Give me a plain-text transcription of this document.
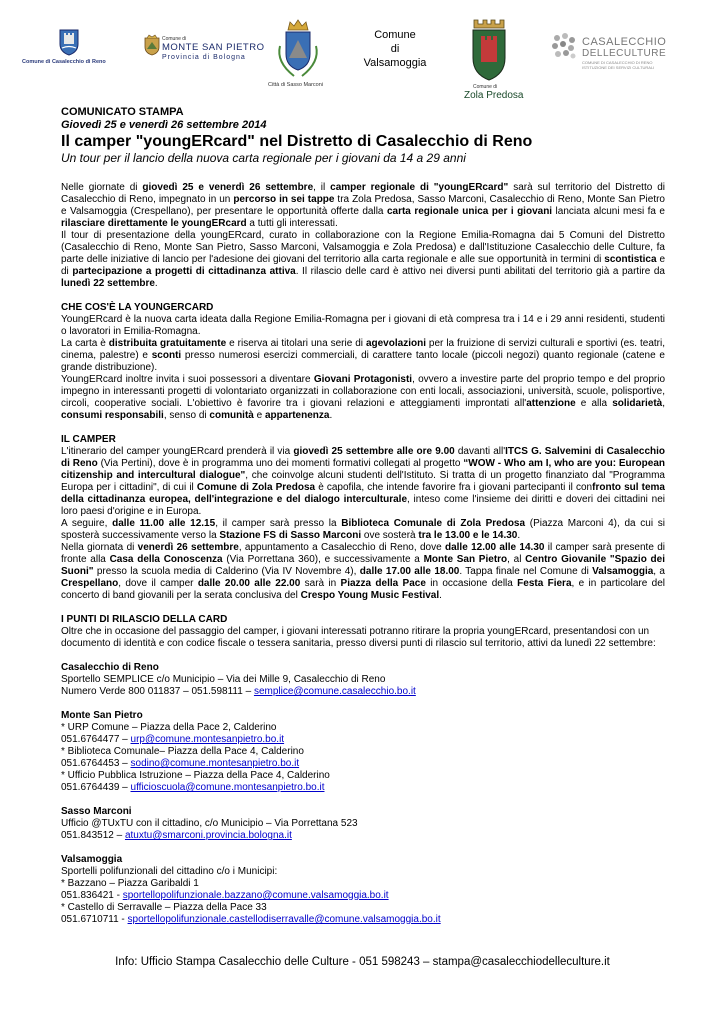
Comune di Casalecchio di Reno
Comune di
MONTE SAN PIETRO
Provincia di Bologna
Città di Sasso Marconi
Comune
di
Valsamoggia
Comune di
Zola Predosa
CASALECCHIO
DELLECULTURE
COMUNE DI CASALECCHIO DI RENO
ISTITUZIONE DEI SERVIZI CULTURALI

COMUNICATO STAMPA

Giovedì 25 e venerdì 26 settembre 2014

Il camper "youngERcard" nel Distretto di Casalecchio di Reno

Un tour per il lancio della nuova carta regionale per i giovani da 14 a 29 anni

Nelle giornate di giovedì 25 e venerdì 26 settembre, il camper regionale di "youngERcard" sarà sul territorio del Distretto di Casalecchio di Reno, impegnato in un percorso in sei tappe tra Zola Predosa, Sasso Marconi, Casalecchio di Reno, Monte San Pietro e Valsamoggia (Crespellano), per presentare le opportunità offerte dalla carta regionale unica per i giovani lanciata alcuni mesi fa e rilasciare direttamente le youngERcard a tutti gli interessati.

Il tour di presentazione della youngERcard, curato in collaborazione con la Regione Emilia-Romagna dai 5 Comuni del Distretto (Casalecchio di Reno, Monte San Pietro, Sasso Marconi, Valsamoggia e Zola Predosa) e dall'Istituzione Casalecchio delle Culture, fa parte delle iniziative di lancio per l'adesione dei giovani del territorio alla carta regionale e alle sue opportunità in termini di scontistica e di partecipazione a progetti di cittadinanza attiva. Il rilascio delle card è attivo nei diversi punti abilitati del territorio già a partire da lunedì 22 settembre.

CHE COS'È LA YOUNGERCARD

YoungERcard è la nuova carta ideata dalla Regione Emilia-Romagna per i giovani di età compresa tra i 14 e i 29 anni residenti, studenti o lavoratori in Emilia-Romagna.

La carta è distribuita gratuitamente e riserva ai titolari una serie di agevolazioni per la fruizione di servizi culturali e sportivi (es. teatri, cinema, palestre) e sconti presso numerosi esercizi commerciali, di carattere tanto locale (piccoli negozi) quanto regionale (catene e grande distribuzione).

YoungERcard inoltre invita i suoi possessori a diventare Giovani Protagonisti, ovvero a investire parte del proprio tempo e del proprio impegno in interessanti progetti di volontariato organizzati in collaborazione con enti locali, associazioni, università, scuole, polisportive, circoli, cooperative sociali. L'obiettivo è favorire tra i giovani relazioni e atteggiamenti improntati all'attenzione e alla solidarietà, consumi responsabili, senso di comunità e appartenenza.

IL CAMPER

L'itinerario del camper youngERcard prenderà il via giovedì 25 settembre alle ore 9.00 davanti all'ITCS G. Salvemini di Casalecchio di Reno (Via Pertini), dove è in programma uno dei momenti formativi collegati al progetto “WOW - Who am I, who are you: European citizenship and intercultural dialogue", che coinvolge alcuni studenti dell'Istituto. Si tratta di un progetto finanziato dal "Programma Europa per i cittadini", di cui il Comune di Zola Predosa è capofila, che intende favorire fra i giovani partecipanti il confronto sul tema della cittadinanza europea, dell'integrazione e del dialogo interculturale, inteso come l'insieme dei diritti e doveri dei cittadini nei loro paesi d'origine e in Europa.

A seguire, dalle 11.00 alle 12.15, il camper sarà presso la Biblioteca Comunale di Zola Predosa (Piazza Marconi 4), da cui si sposterà successivamente verso la Stazione FS di Sasso Marconi ove sosterà tra le 13.00 e le 14.30.

Nella giornata di venerdì 26 settembre, appuntamento a Casalecchio di Reno, dove dalle 12.00 alle 14.30 il camper sarà presente di fronte alla Casa della Conoscenza (Via Porrettana 360), e successivamente a Monte San Pietro, al Centro Giovanile "Spazio dei Suoni" presso la scuola media di Calderino (Via IV Novembre 4), dalle 17.00 alle 18.00. Tappa finale nel Comune di Valsamoggia, a Crespellano, dove il camper dalle 20.00 alle 22.00 sarà in Piazza della Pace in occasione della Festa Fiera, e in particolare del concerto di band giovanili per la serata conclusiva del Crespo Young Music Festival.

I PUNTI DI RILASCIO DELLA CARD

Oltre che in occasione del passaggio del camper, i giovani interessati potranno ritirare la propria youngERcard, presentandosi con un documento di identità e con codice fiscale o tessera sanitaria, presso diversi punti di rilascio sul territorio, attivi da lunedì 22 settembre:

Casalecchio di Reno

Sportello SEMPLICE c/o Municipio – Via dei Mille 9, Casalecchio di Reno

Numero Verde 800 011837 – 051.598111 – semplice@comune.casalecchio.bo.it

Monte San Pietro

* URP Comune – Piazza della Pace 2, Calderino

051.6764477 – urp@comune.montesanpietro.bo.it

* Biblioteca Comunale– Piazza della Pace 4, Calderino

051.6764453 – sodino@comune.montesanpietro.bo.it

* Ufficio Pubblica Istruzione – Piazza della Pace 4, Calderino

051.6764439 – ufficioscuola@comune.montesanpietro.bo.it

Sasso Marconi

Ufficio @TUxTU con il cittadino, c/o Municipio – Via Porrettana 523

051.843512 – atuxtu@smarconi.provincia.bologna.it

Valsamoggia

Sportelli polifunzionali del cittadino c/o i Municipi:

* Bazzano – Piazza Garibaldi 1

051.836421 - sportellopolifunzionale.bazzano@comune.valsamoggia.bo.it

* Castello di Serravalle – Piazza della Pace 33

051.6710711 - sportellopolifunzionale.castellodiserravalle@comune.valsamoggia.bo.it

Info: Ufficio Stampa Casalecchio delle Culture - 051 598243 – stampa@casalecchiodelleculture.it
